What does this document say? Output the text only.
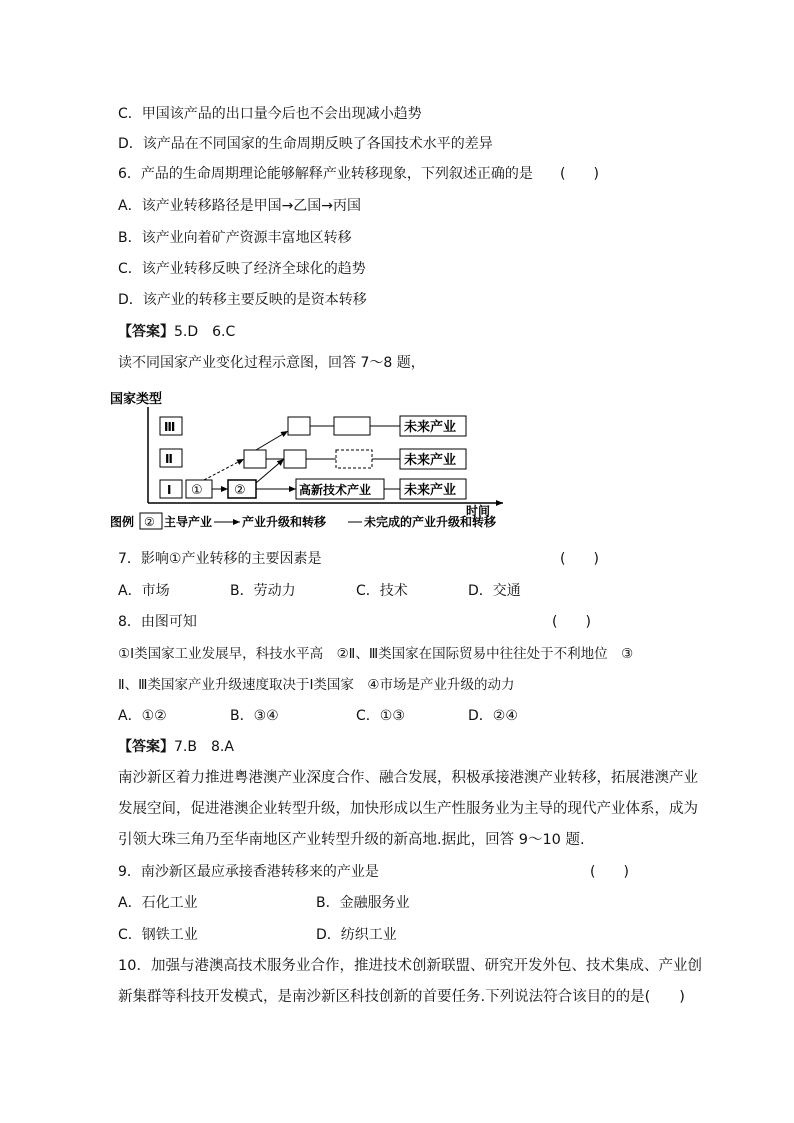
C．甲国该产品的出口量今后也不会出现减小趋势
D．该产品在不同国家的生命周期反映了各国技术水平的差异
6．产品的生命周期理论能够解释产业转移现象，下列叙述正确的是 (　　)
A．该产业转移路径是甲国→乙国→丙国
B．该产业向着矿产资源丰富地区转移
C．该产业转移反映了经济全球化的趋势
D．该产业的转移主要反映的是资本转移
【答案】5.D　6.C
读不同国家产业变化过程示意图，回答 7～8 题，
国家类型
时间
Ⅲ
Ⅱ
Ⅰ ① ②	高新技术产业	未来产业
未来产业
未来产业
图例 ② 主导产业 产业升级和转移	未完成的产业升级和转移
7．影响①产业转移的主要因素是	(　　)
A．市场	B．劳动力	C．技术	D．交通
8．由图可知	(　　)
①Ⅰ类国家工业发展早，科技水平高　②Ⅱ、Ⅲ类国家在国际贸易中往往处于不利地位　③
Ⅱ、Ⅲ类国家产业升级速度取决于Ⅰ类国家　④市场是产业升级的动力
A．①②	B．③④	C．①③	D．②④
【答案】7.B　8.A
南沙新区着力推进粤港澳产业深度合作、融合发展，积极承接港澳产业转移，拓展港澳产业
发展空间，促进港澳企业转型升级，加快形成以生产性服务业为主导的现代产业体系，成为
引领大珠三角乃至华南地区产业转型升级的新高地.据此，回答 9～10 题.
9．南沙新区最应承接香港转移来的产业是	(　　)
A．石化工业	B．金融服务业
C．钢铁工业	D．纺织工业
10．加强与港澳高技术服务业合作，推进技术创新联盟、研究开发外包、技术集成、产业创
新集群等科技开发模式，是南沙新区科技创新的首要任务.下列说法符合该目的的是(　　)
